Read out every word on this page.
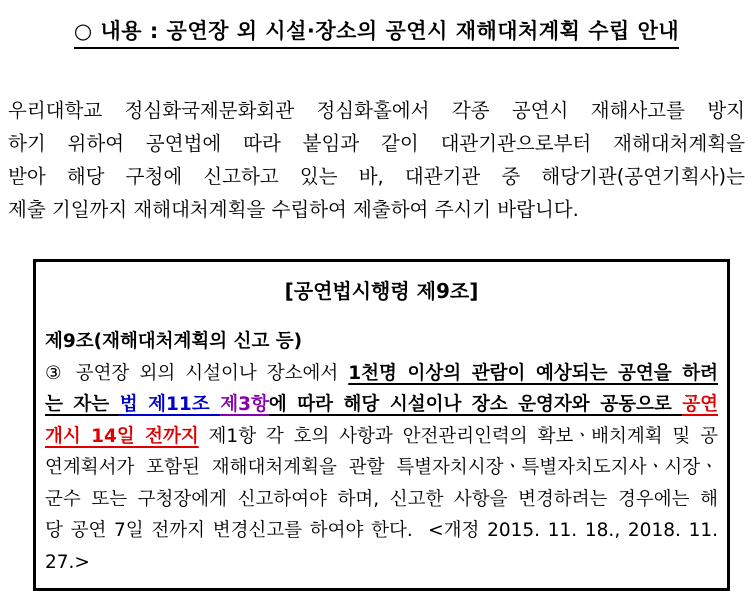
○ 내용 : 공연장 외 시설·장소의 공연시 재해대처계획 수립 안내
우리대학교 정심화국제문화회관 정심화홀에서 각종 공연시 재해사고를 방지
하기 위하여 공연법에 따라 붙임과 같이 대관기관으로부터 재해대처계획을
받아 해당 구청에 신고하고 있는 바, 대관기관 중 해당기관(공연기획사)는
제출 기일까지 재해대처계획을 수립하여 제출하여 주시기 바랍니다.
[공연법시행령 제9조]
제9조(재해대처계획의 신고 등)
③ 공연장 외의 시설이나 장소에서 1천명 이상의 관람이 예상되는 공연을 하려
는 자는 법 제11조 제3항에 따라 해당 시설이나 장소 운영자와 공동으로 공연
개시 14일 전까지 제1항 각 호의 사항과 안전관리인력의 확보ㆍ배치계획 및 공
연계획서가 포함된 재해대처계획을 관할 특별자치시장ㆍ특별자치도지사ㆍ시장ㆍ
군수 또는 구청장에게 신고하여야 하며, 신고한 사항을 변경하려는 경우에는 해
당 공연 7일 전까지 변경신고를 하여야 한다.  <개정 2015. 11. 18., 2018. 11. 27.>
